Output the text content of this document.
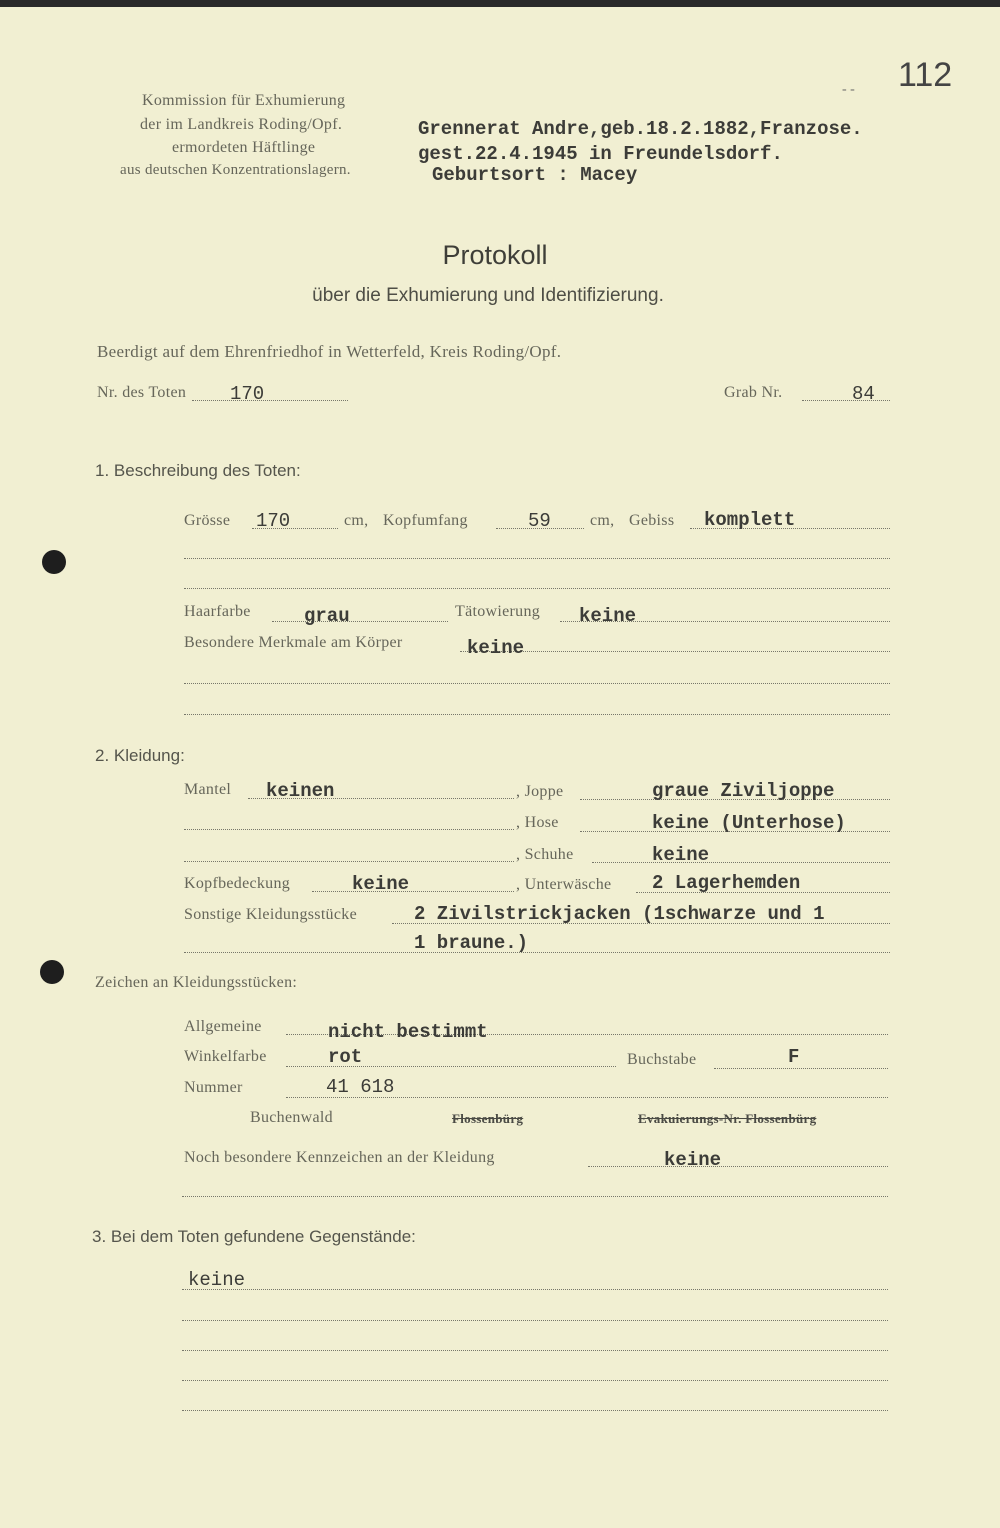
112
- -
Kommission für Exhumierung
der im Landkreis Roding/Opf.
ermordeten Häftlinge
aus deutschen Konzentrationslagern.
Grennerat Andre,geb.18.2.1882,Franzose.
gest.22.4.1945 in Freundelsdorf.
Geburtsort : Macey
Protokoll
über die Exhumierung und Identifizierung.
Beerdigt auf dem Ehrenfriedhof in Wetterfeld, Kreis Roding/Opf.
Nr. des Toten 170	Grab Nr.	84
1. Beschreibung des Toten:
Grösse 170	cm, Kopfumfang	59 cm, Gebiss komplett
Haarfarbe	grau	Tätowierung keine
Besondere Merkmale am Körper	keine
2. Kleidung:
Mantel keinen	, Joppe	graue Ziviljoppe
, Hose	keine (Unterhose)
, Schuhe	keine
Kopfbedeckung	keine	, Unterwäsche 2 Lagerhemden
Sonstige Kleidungsstücke	2 Zivilstrickjacken (1schwarze und 1
1 braune.)
Zeichen an Kleidungsstücken:
Allgemeine	nicht bestimmt
Winkelfarbe	rot	Buchstabe	F
Nummer	41 618
Buchenwald	Flossenbürg	Evakuierungs-Nr. Flossenbürg
Noch besondere Kennzeichen an der Kleidung	keine
3. Bei dem Toten gefundene Gegenstände:
keine
